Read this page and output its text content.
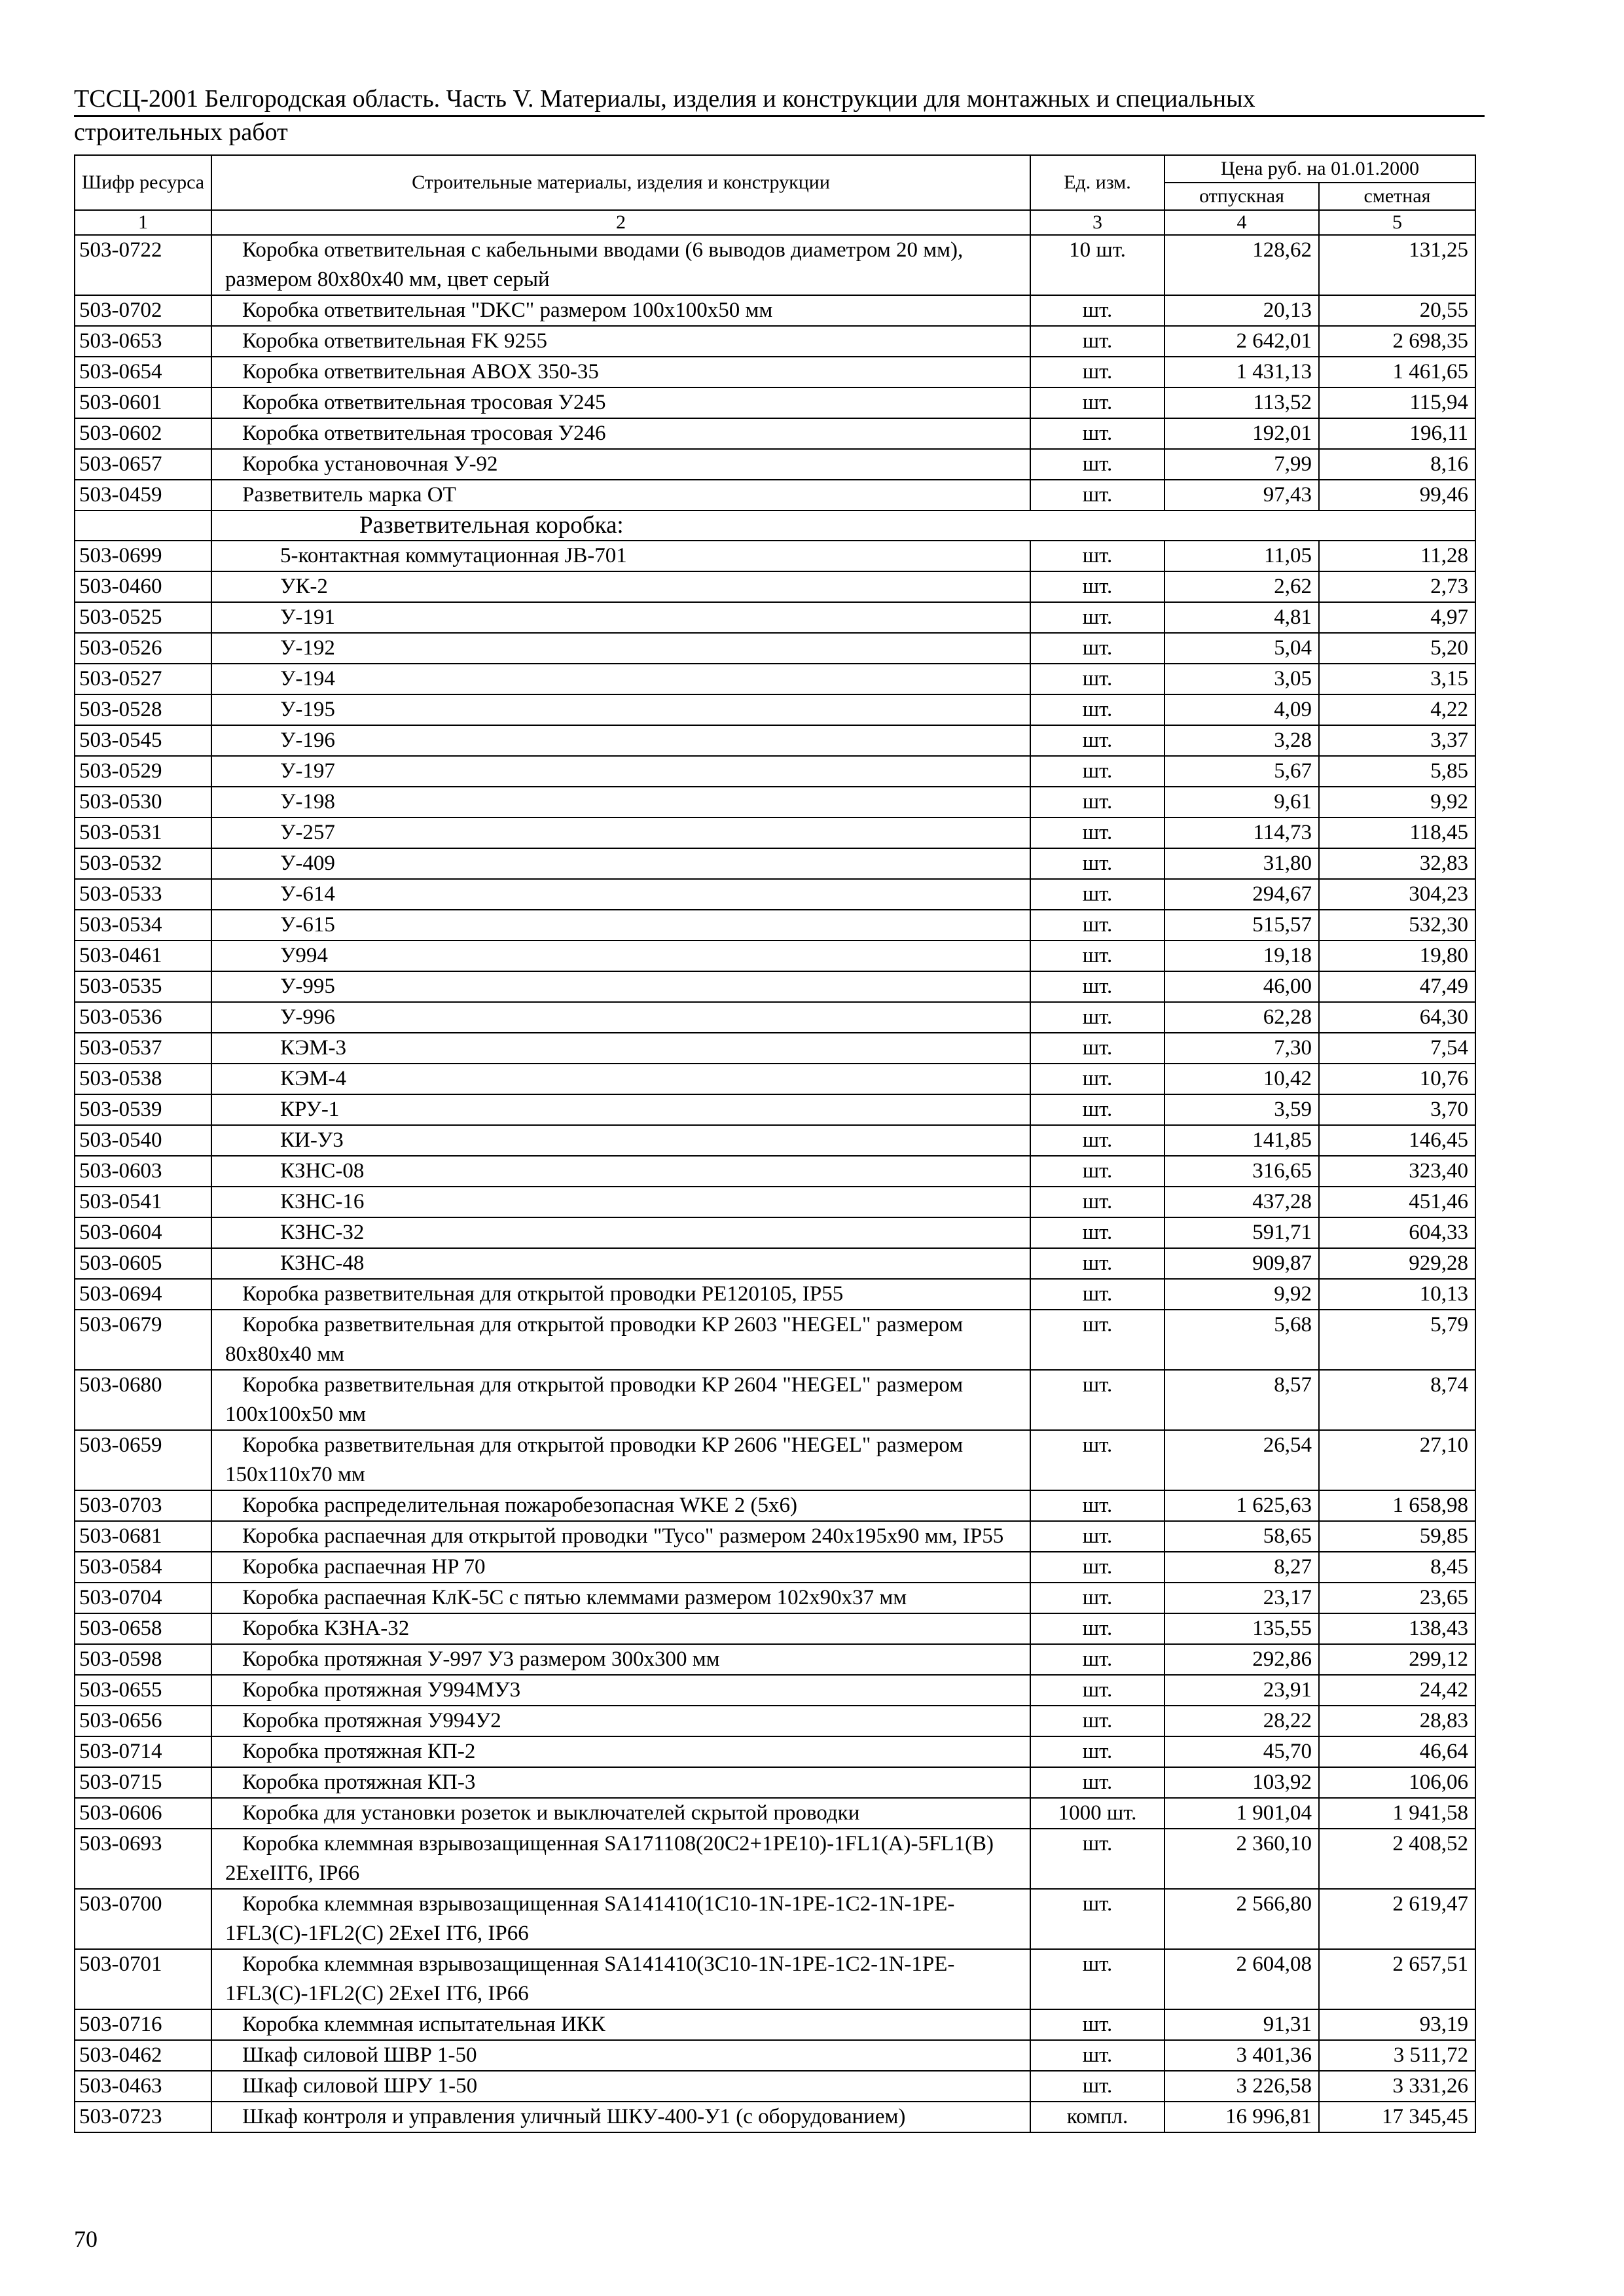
ТССЦ-2001 Белгородская область. Часть V. Материалы, изделия и конструкции для монтажных и специальных
строительных работ
Шифр ресурса	Строительные материалы, изделия и конструкции	Ед. изм.	Цена руб. на 01.01.2000	
			отпускная	сметная
1	2	3	4	5
503-0722	Коробка ответвительная с кабельными вводами (6 выводов диаметром 20 мм), размером 80х80х40 мм, цвет серый	10 шт.	128,62	131,25
503-0702	Коробка ответвительная "DKC" размером 100х100х50 мм	шт.	20,13	20,55
503-0653	Коробка ответвительная FK 9255	шт.	2 642,01	2 698,35
503-0654	Коробка ответвительная ABOX 350-35	шт.	1 431,13	1 461,65
503-0601	Коробка ответвительная тросовая У245	шт.	113,52	115,94
503-0602	Коробка ответвительная тросовая У246	шт.	192,01	196,11
503-0657	Коробка установочная У-92	шт.	7,99	8,16
503-0459	Разветвитель марка ОТ	шт.	97,43	99,46
	Разветвительная коробка:			
503-0699	5-контактная коммутационная JB-701	шт.	11,05	11,28
503-0460	УК-2	шт.	2,62	2,73
503-0525	У-191	шт.	4,81	4,97
503-0526	У-192	шт.	5,04	5,20
503-0527	У-194	шт.	3,05	3,15
503-0528	У-195	шт.	4,09	4,22
503-0545	У-196	шт.	3,28	3,37
503-0529	У-197	шт.	5,67	5,85
503-0530	У-198	шт.	9,61	9,92
503-0531	У-257	шт.	114,73	118,45
503-0532	У-409	шт.	31,80	32,83
503-0533	У-614	шт.	294,67	304,23
503-0534	У-615	шт.	515,57	532,30
503-0461	У994	шт.	19,18	19,80
503-0535	У-995	шт.	46,00	47,49
503-0536	У-996	шт.	62,28	64,30
503-0537	КЭМ-3	шт.	7,30	7,54
503-0538	КЭМ-4	шт.	10,42	10,76
503-0539	КРУ-1	шт.	3,59	3,70
503-0540	КИ-У3	шт.	141,85	146,45
503-0603	КЗНС-08	шт.	316,65	323,40
503-0541	КЗНС-16	шт.	437,28	451,46
503-0604	КЗНС-32	шт.	591,71	604,33
503-0605	КЗНС-48	шт.	909,87	929,28
503-0694	Коробка разветвительная для открытой проводки PE120105, IP55	шт.	9,92	10,13
503-0679	Коробка разветвительная для открытой проводки KP 2603 "HEGEL" размером 80х80х40 мм	шт.	5,68	5,79
503-0680	Коробка разветвительная для открытой проводки KP 2604 "HEGEL" размером 100х100х50 мм	шт.	8,57	8,74
503-0659	Коробка разветвительная для открытой проводки KP 2606 "HEGEL" размером 150х110х70 мм	шт.	26,54	27,10
503-0703	Коробка распределительная пожаробезопасная WKE 2 (5х6)	шт.	1 625,63	1 658,98
503-0681	Коробка распаечная для открытой проводки "Tyco" размером 240х195х90 мм, IP55	шт.	58,65	59,85
503-0584	Коробка распаечная HP 70	шт.	8,27	8,45
503-0704	Коробка распаечная КлК-5С с пятью клеммами размером 102х90х37 мм	шт.	23,17	23,65
503-0658	Коробка КЗНА-32	шт.	135,55	138,43
503-0598	Коробка протяжная У-997 У3 размером 300х300 мм	шт.	292,86	299,12
503-0655	Коробка протяжная У994МУ3	шт.	23,91	24,42
503-0656	Коробка протяжная У994У2	шт.	28,22	28,83
503-0714	Коробка протяжная КП-2	шт.	45,70	46,64
503-0715	Коробка протяжная КП-3	шт.	103,92	106,06
503-0606	Коробка для установки розеток и выключателей скрытой проводки	1000 шт.	1 901,04	1 941,58
503-0693	Коробка клеммная взрывозащищенная SA171108(20C2+1PE10)-1FL1(A)-5FL1(B) 2ExeIIT6, IP66	шт.	2 360,10	2 408,52
503-0700	Коробка клеммная взрывозащищенная SA141410(1C10-1N-1PE-1C2-1N-1PE-1FL3(C)-1FL2(C) 2ExeI IT6, IP66	шт.	2 566,80	2 619,47
503-0701	Коробка клеммная взрывозащищенная SA141410(3C10-1N-1PE-1C2-1N-1PE-1FL3(C)-1FL2(C) 2ExeI IT6, IP66	шт.	2 604,08	2 657,51
503-0716	Коробка клеммная испытательная ИКК	шт.	91,31	93,19
503-0462	Шкаф силовой ШВР 1-50	шт.	3 401,36	3 511,72
503-0463	Шкаф силовой ШРУ 1-50	шт.	3 226,58	3 331,26
503-0723	Шкаф контроля и управления уличный ШКУ-400-У1 (с оборудованием)	компл.	16 996,81	17 345,45
70
